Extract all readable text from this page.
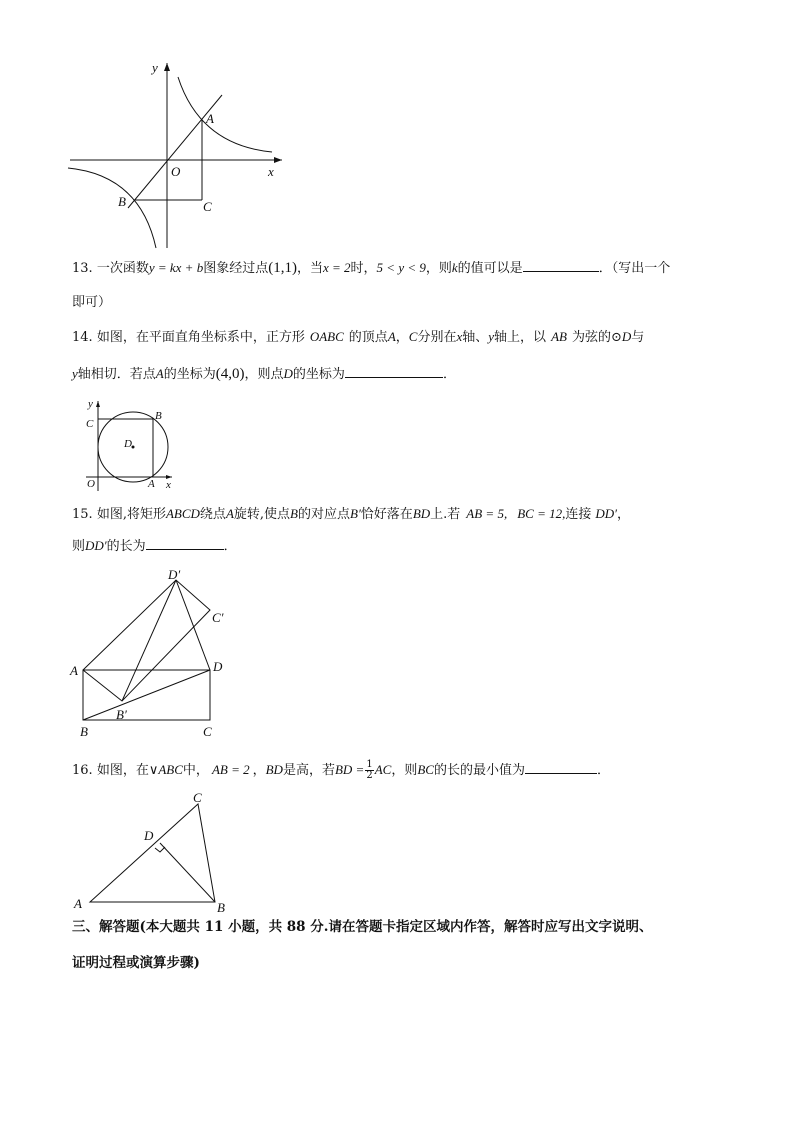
y
x
O
A
B	C
13. 一次函数y = kx + b图象经过点(1,1)，当x = 2时，5 < y < 9，则k的值可以是	．（写出一个
即可）
14. 如图，在平面直角坐标系中，正方形 OABC 的顶点A，C分别在x轴、y轴上，以 AB 为弦的⊙D与
y轴相切．若点A的坐标为(4,0)，则点D的坐标为	．
y
x
O	A
B
C
D
15. 如图,将矩形ABCD绕点A旋转,使点B的对应点B′恰好落在BD上.若 AB = 5, BC = 12,连接 DD′，
则DD′的长为	．
D′
C′
A	D
B′
B	C
16. 如图，在∨ABC中， AB = 2 ，BD是高，若BD = $\frac{1}{2}$ AC，则BC的长的最小值为	．
A	B
C
D
三、解答题(本大题共 11 小题，共 88 分.请在答题卡指定区域内作答，解答时应写出文字说明、
证明过程或演算步骤)
